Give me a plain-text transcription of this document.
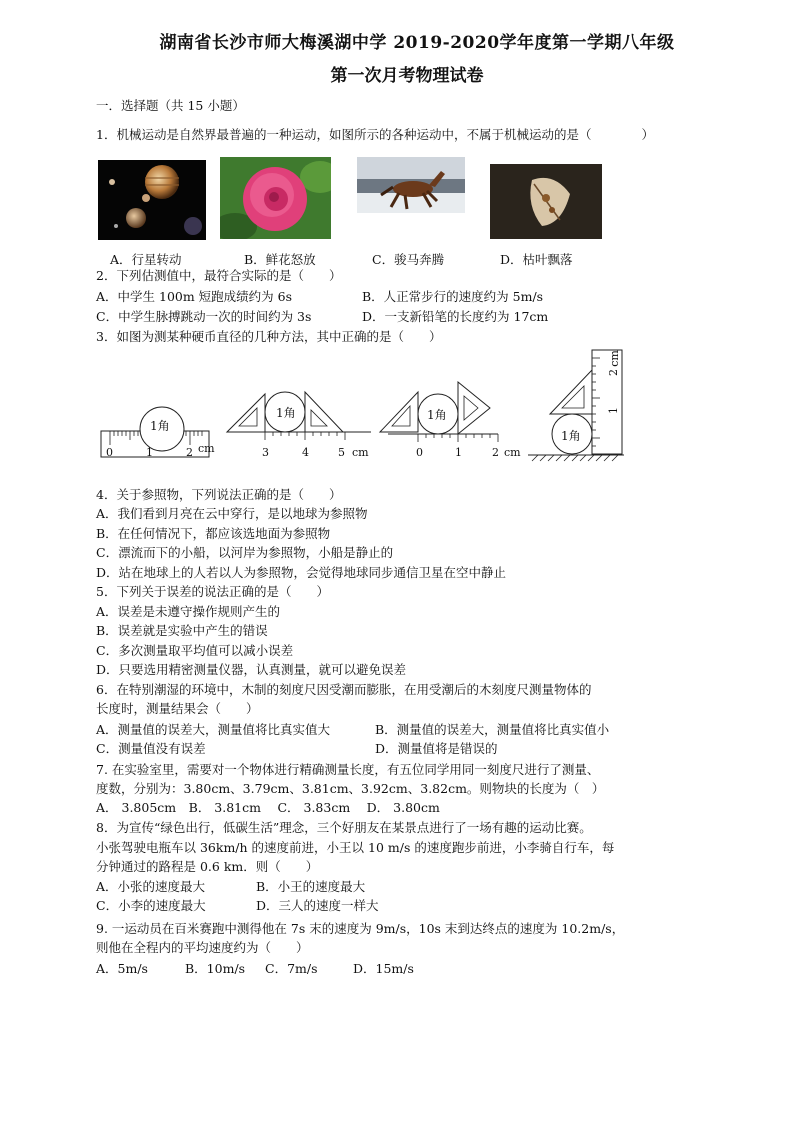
湖南省长沙市师大梅溪湖中学 2019-2020学年度第一学期八年级
第一次月考物理试卷
一．选择题（共 15 小题）
1．机械运动是自然界最普遍的一种运动，如图所示的各种运动中，不属于机械运动的是（　　　　）
A．行星转动	B．鲜花怒放	C．骏马奔腾	D．枯叶飘落
2．下列估测值中，最符合实际的是（　　）
A．中学生 100m 短跑成绩约为 6s	B．人正常步行的速度约为 5m/s
C．中学生脉搏跳动一次的时间约为 3s	D．一支新铅笔的长度约为 17cm
3．如图为测某种硬币直径的几种方法，其中正确的是（　　）
1角
0	1	2 cm
1角
3	4	5 cm
1角
0	1	2 cm
1角
1
2
cm
4．关于参照物，下列说法正确的是（　　）
A．我们看到月亮在云中穿行，是以地球为参照物
B．在任何情况下，都应该选地面为参照物
C．漂流而下的小船，以河岸为参照物，小船是静止的
D．站在地球上的人若以人为参照物，会觉得地球同步通信卫星在空中静止
5．下列关于误差的说法正确的是（　　）
A．误差是未遵守操作规则产生的
B．误差就是实验中产生的错误
C．多次测量取平均值可以减小误差
D．只要选用精密测量仪器，认真测量，就可以避免误差
6．在特别潮湿的环境中，木制的刻度尺因受潮而膨胀，在用受潮后的木刻度尺测量物体的
长度时，测量结果会（　　）
A．测量值的误差大，测量值将比真实值大	B．测量值的误差大，测量值将比真实值小
C．测量值没有误差	D．测量值将是错误的
7. 在实验室里，需要对一个物体进行精确测量长度，有五位同学用同一刻度尺进行了测量、
度数，分别为：3.80cm、3.79cm、3.81cm、3.92cm、3.82cm。则物块的长度为（　）
A． 3.805cm　B． 3.81cm　 C． 3.83cm　 D． 3.80cm
8．为宣传“绿色出行，低碳生活”理念，三个好朋友在某景点进行了一场有趣的运动比赛。
小张驾驶电瓶车以 36km/h 的速度前进，小王以 10 m/s 的速度跑步前进，小李骑自行车，每
分钟通过的路程是 0.6 km．则（　　）
A．小张的速度最大	B．小王的速度最大
C．小李的速度最大	D．三人的速度一样大
9. 一运动员在百米赛跑中测得他在 7s 末的速度为 9m/s，10s 末到达终点的速度为 10.2m/s，
则他在全程内的平均速度约为（　　）
A．5m/s	B．10m/s C．7m/s	D．15m/s
